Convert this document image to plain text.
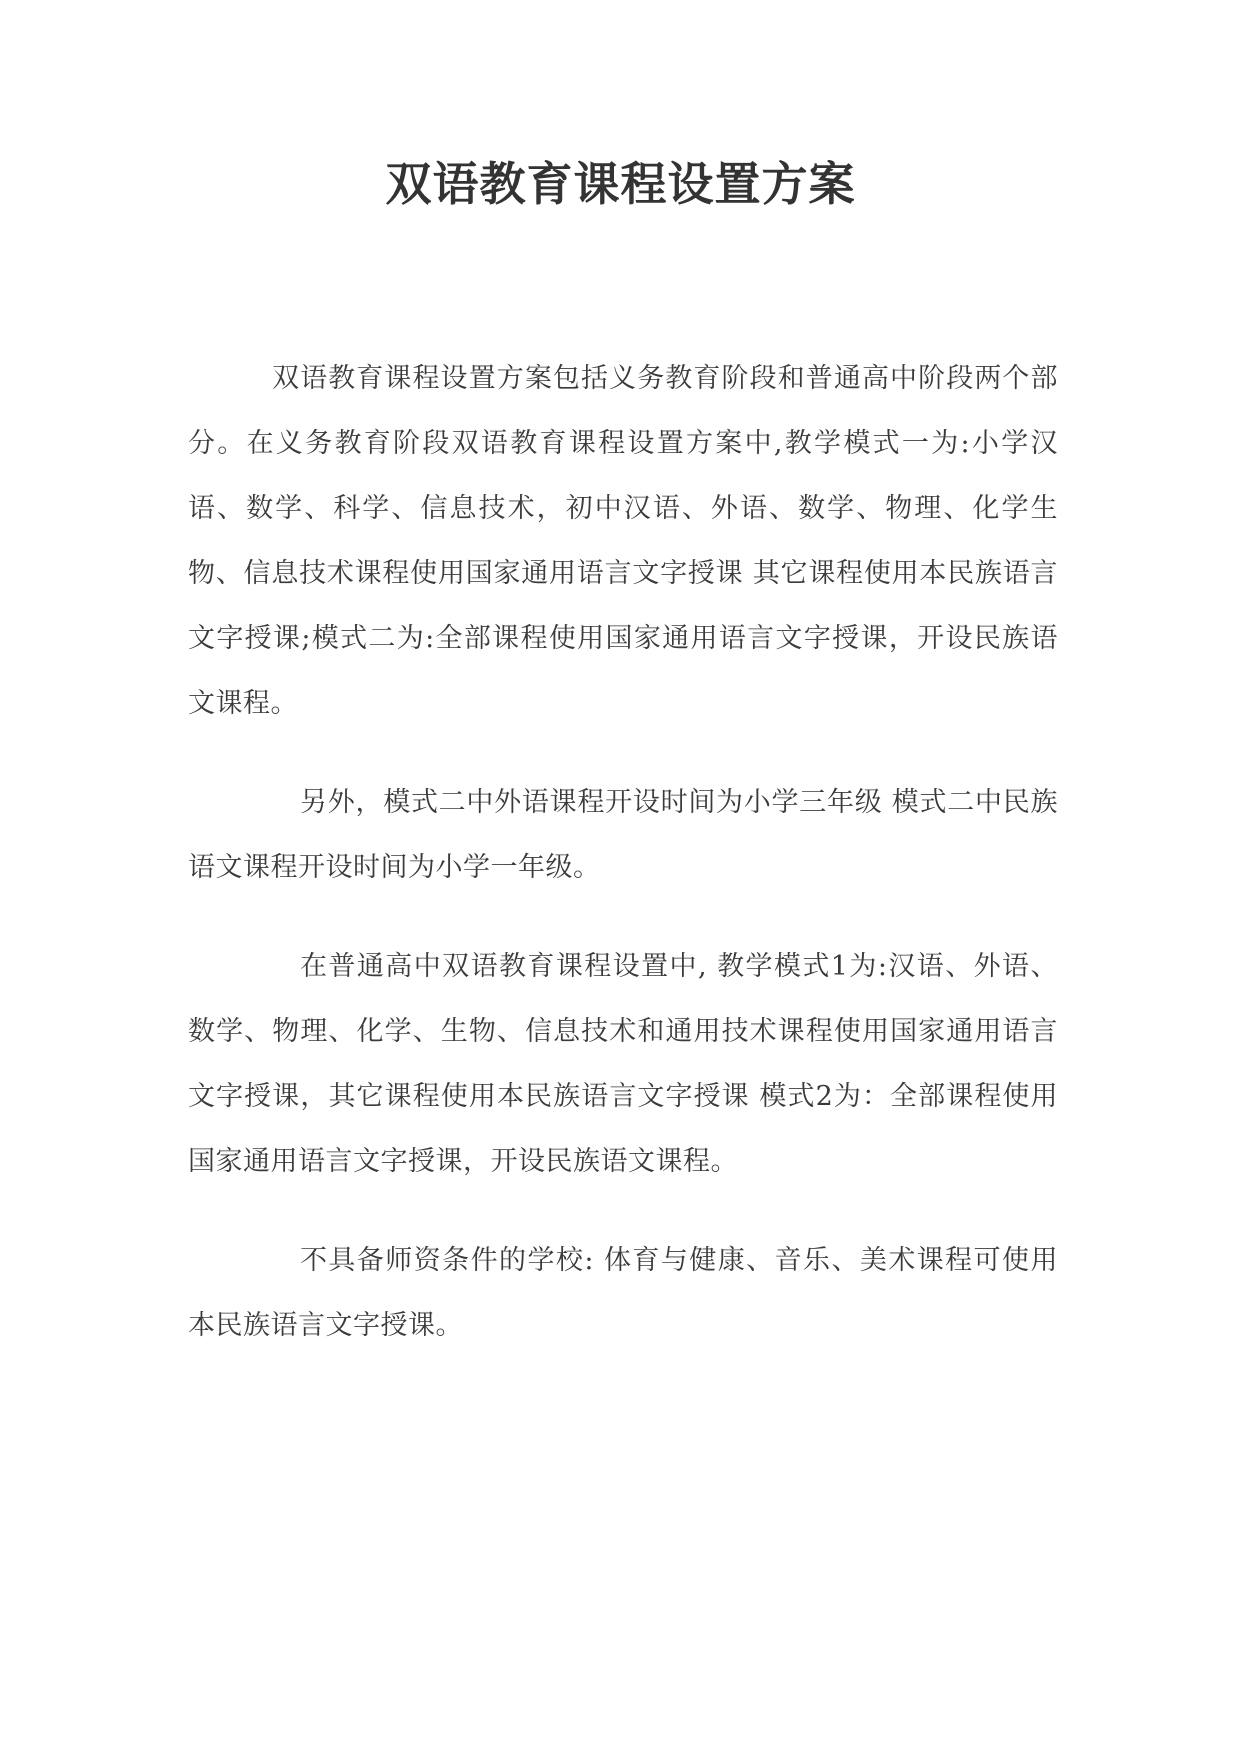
双语教育课程设置方案

双语教育课程设置方案包括义务教育阶段和普通高中阶段两个部分。在义务教育阶段双语教育课程设置方案中,教学模式一为:小学汉语、数学、科学、信息技术，初中汉语、外语、数学、物理、化学生物、信息技术课程使用国家通用语言文字授课 其它课程使用本民族语言文字授课;模式二为:全部课程使用国家通用语言文字授课，开设民族语文课程。

另外，模式二中外语课程开设时间为小学三年级 模式二中民族语文课程开设时间为小学一年级。

在普通高中双语教育课程设置中, 教学模式1为:汉语、外语、数学、物理、化学、生物、信息技术和通用技术课程使用国家通用语言文字授课，其它课程使用本民族语言文字授课 模式2为：全部课程使用国家通用语言文字授课，开设民族语文课程。

不具备师资条件的学校: 体育与健康、音乐、美术课程可使用本民族语言文字授课。
